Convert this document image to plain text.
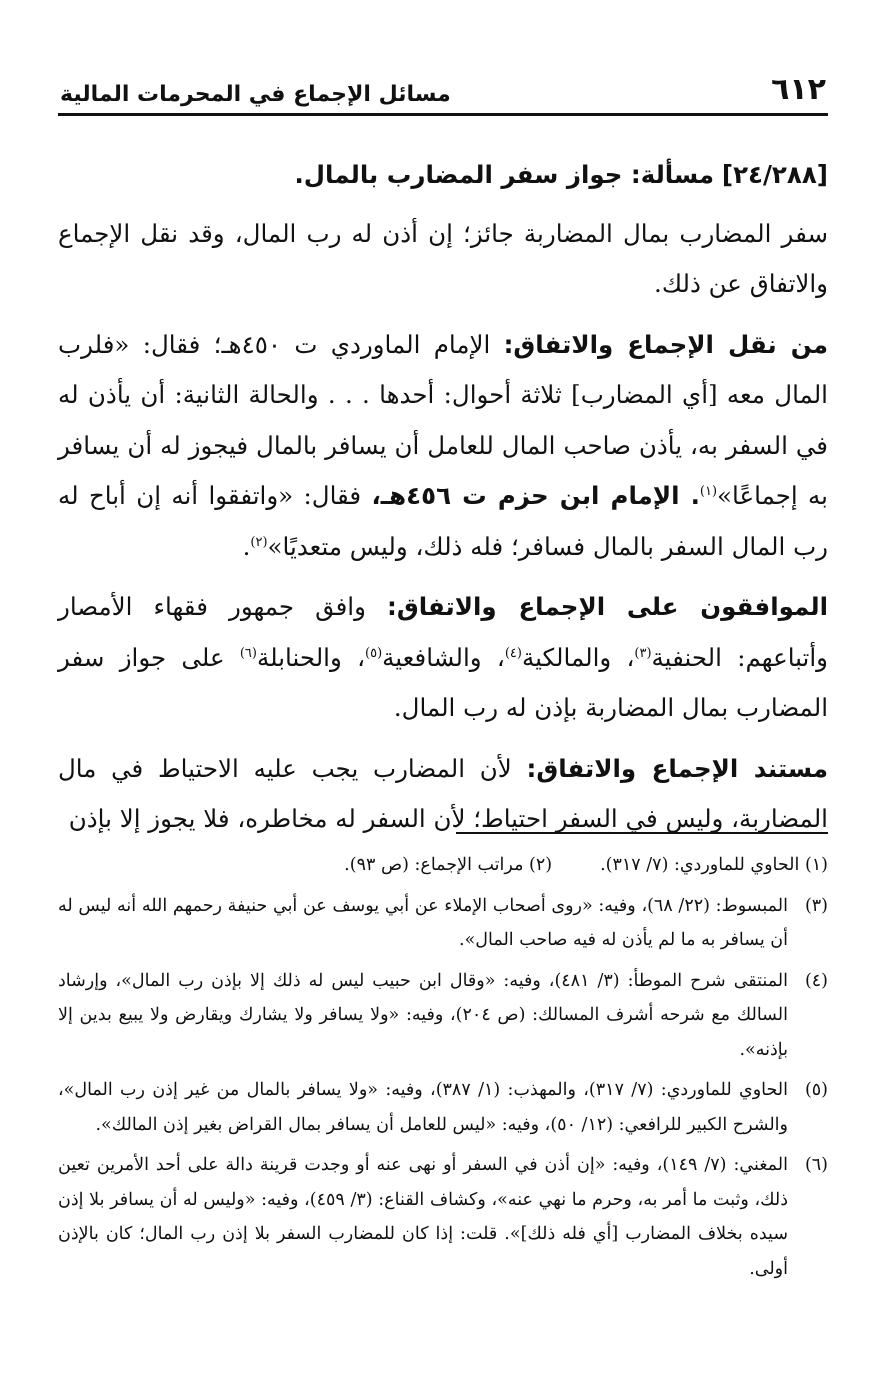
٦١٢
مسائل الإجماع في المحرمات المالية

[٢٤/٢٨٨] مسألة: جواز سفر المضارب بالمال.

سفر المضارب بمال المضاربة جائز؛ إن أذن له رب المال، وقد نقل الإجماع والاتفاق عن ذلك.

من نقل الإجماع والاتفاق: الإمام الماوردي ت ٤٥٠هـ؛ فقال: «فلرب المال معه [أي المضارب] ثلاثة أحوال: أحدها . . . والحالة الثانية: أن يأذن له في السفر به، يأذن صاحب المال للعامل أن يسافر بالمال فيجوز له أن يسافر به إجماعًا»$^{(١)}$. الإمام ابن حزم ت ٤٥٦هـ، فقال: «واتفقوا أنه إن أباح له رب المال السفر بالمال فسافر؛ فله ذلك، وليس متعديًا»$^{(٢)}$.

الموافقون على الإجماع والاتفاق: وافق جمهور فقهاء الأمصار وأتباعهم: الحنفية$^{(٣)}$، والمالكية$^{(٤)}$، والشافعية$^{(٥)}$، والحنابلة$^{(٦)}$ على جواز سفر المضارب بمال المضاربة بإذن له رب المال.

مستند الإجماع والاتفاق: لأن المضارب يجب عليه الاحتياط في مال المضاربة، وليس في السفر احتياط؛ لأن السفر له مخاطره، فلا يجوز إلا بإذن

(١) الحاوي للماوردي: (٧/ ٣١٧).
(٢) مراتب الإجماع: (ص ٩٣).
(٣)
المبسوط: (٢٢/ ٦٨)، وفيه: «روى أصحاب الإملاء عن أبي يوسف عن أبي حنيفة رحمهم الله أنه ليس له أن يسافر به ما لم يأذن له فيه صاحب المال».
(٤)
المنتقى شرح الموطأ: (٣/ ٤٨١)، وفيه: «وقال ابن حبيب ليس له ذلك إلا بإذن رب المال»، وإرشاد السالك مع شرحه أشرف المسالك: (ص ٢٠٤)، وفيه: «ولا يسافر ولا يشارك ويقارض ولا يبيع بدين إلا بإذنه».
(٥)
الحاوي للماوردي: (٧/ ٣١٧)، والمهذب: (١/ ٣٨٧)، وفيه: «ولا يسافر بالمال من غير إذن رب المال»، والشرح الكبير للرافعي: (١٢/ ٥٠)، وفيه: «ليس للعامل أن يسافر بمال القراض بغير إذن المالك».
(٦)
المغني: (٧/ ١٤٩)، وفيه: «إن أذن في السفر أو نهى عنه أو وجدت قرينة دالة على أحد الأمرين تعين ذلك، وثبت ما أمر به، وحرم ما نهي عنه»، وكشاف القناع: (٣/ ٤٥٩)، وفيه: «وليس له أن يسافر بلا إذن سيده بخلاف المضارب [أي فله ذلك]». قلت: إذا كان للمضارب السفر بلا إذن رب المال؛ كان بالإذن أولى.
